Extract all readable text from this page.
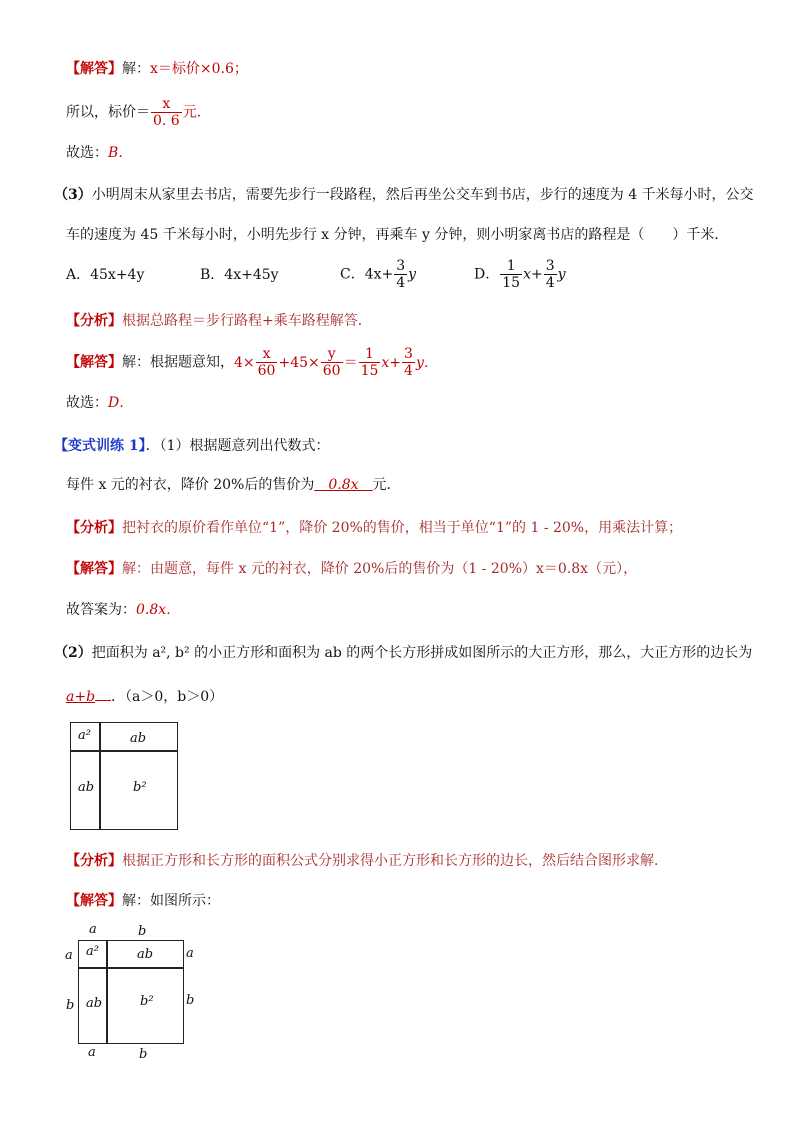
【解答】解：x＝标价×0.6；
所以，标价＝ $\frac{x}{0. 6}$ 元．
故选：B．
（3）小明周末从家里去书店，需要先步行一段路程，然后再坐公交车到书店，步行的速度为 4 千米每小时，公交
车的速度为 45 千米每小时，小明先步行 x 分钟，再乘车 y 分钟，则小明家离书店的路程是（　　）千米．
A．45x+4y	B．4x+45y	C．$4x+ \frac{3}{4}$ y	D． $\frac{1}{15} x+ \frac{3}{4}$ y
【分析】根据总路程＝步行路程+乘车路程解答．
【解答】解：根据题意知，$4\times \frac{x}{60} +45\times \frac{y}{60} = \frac{1}{15} x+ \frac{3}{4}$ y．
故选：D．
【变式训练 1】．（1）根据题意列出代数式：
每件 x 元的衬衣，降价 20%后的售价为　0.8x　元．
【分析】把衬衣的原价看作单位“1”，降价 20%的售价，相当于单位“1”的 1 - 20%，用乘法计算；
【解答】解：由题意，每件 x 元的衬衣，降价 20%后的售价为（1 - 20%）x＝0.8x（元），
故答案为：0.8x．
（2）把面积为 a², b² 的小正方形和面积为 ab 的两个长方形拼成如图所示的大正方形，那么，大正方形的边长为
a+b ．（a＞0，b＞0）
a²	ab
ab	b²
【分析】根据正方形和长方形的面积公式分别求得小正方形和长方形的边长，然后结合图形求解．
【解答】解：如图所示：
a²	ab
ab	b²
a	b
a
b
a
b
a	b
